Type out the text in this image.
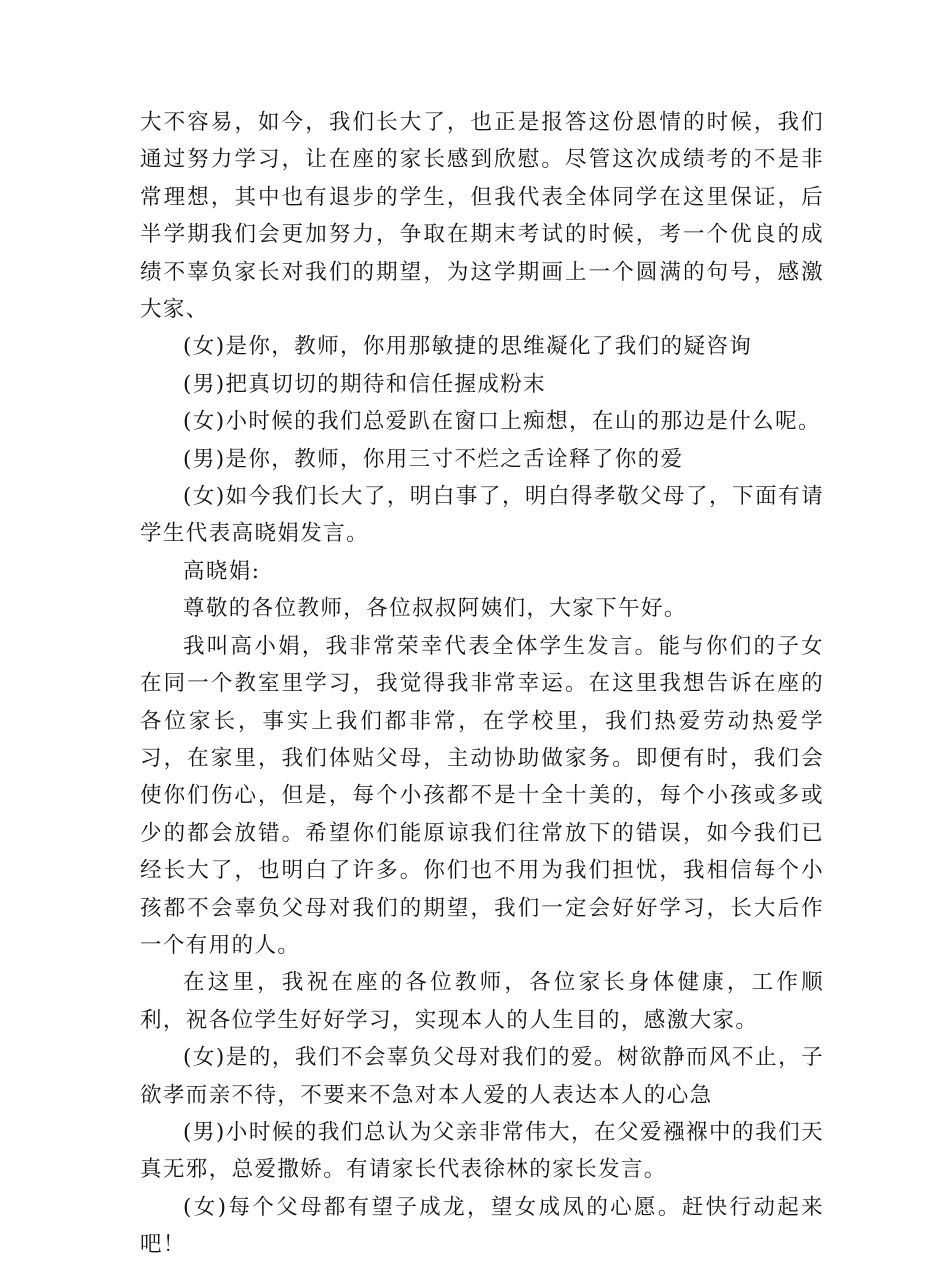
大不容易，如今，我们长大了，也正是报答这份恩情的时候，我们通过努力学习，让在座的家长感到欣慰。尽管这次成绩考的不是非常理想，其中也有退步的学生，但我代表全体同学在这里保证，后半学期我们会更加努力，争取在期末考试的时候，考一个优良的成绩不辜负家长对我们的期望，为这学期画上一个圆满的句号，感激大家、

(女)是你，教师，你用那敏捷的思维凝化了我们的疑咨询

(男)把真切切的期待和信任握成粉末

(女)小时候的我们总爱趴在窗口上痴想，在山的那边是什么呢。

(男)是你，教师，你用三寸不烂之舌诠释了你的爱

(女)如今我们长大了，明白事了，明白得孝敬父母了，下面有请学生代表高晓娟发言。

高晓娟:

尊敬的各位教师，各位叔叔阿姨们，大家下午好。

我叫高小娟，我非常荣幸代表全体学生发言。能与你们的子女在同一个教室里学习，我觉得我非常幸运。在这里我想告诉在座的各位家长，事实上我们都非常，在学校里，我们热爱劳动热爱学习，在家里，我们体贴父母，主动协助做家务。即便有时，我们会使你们伤心，但是，每个小孩都不是十全十美的，每个小孩或多或少的都会放错。希望你们能原谅我们往常放下的错误，如今我们已经长大了，也明白了许多。你们也不用为我们担忧，我相信每个小孩都不会辜负父母对我们的期望，我们一定会好好学习，长大后作一个有用的人。

在这里，我祝在座的各位教师，各位家长身体健康，工作顺利，祝各位学生好好学习，实现本人的人生目的，感激大家。

(女)是的，我们不会辜负父母对我们的爱。树欲静而风不止，子欲孝而亲不待，不要来不急对本人爱的人表达本人的心急

(男)小时候的我们总认为父亲非常伟大，在父爱襁褓中的我们天真无邪，总爱撒娇。有请家长代表徐林的家长发言。

(女)每个父母都有望子成龙，望女成凤的心愿。赶快行动起来吧！
